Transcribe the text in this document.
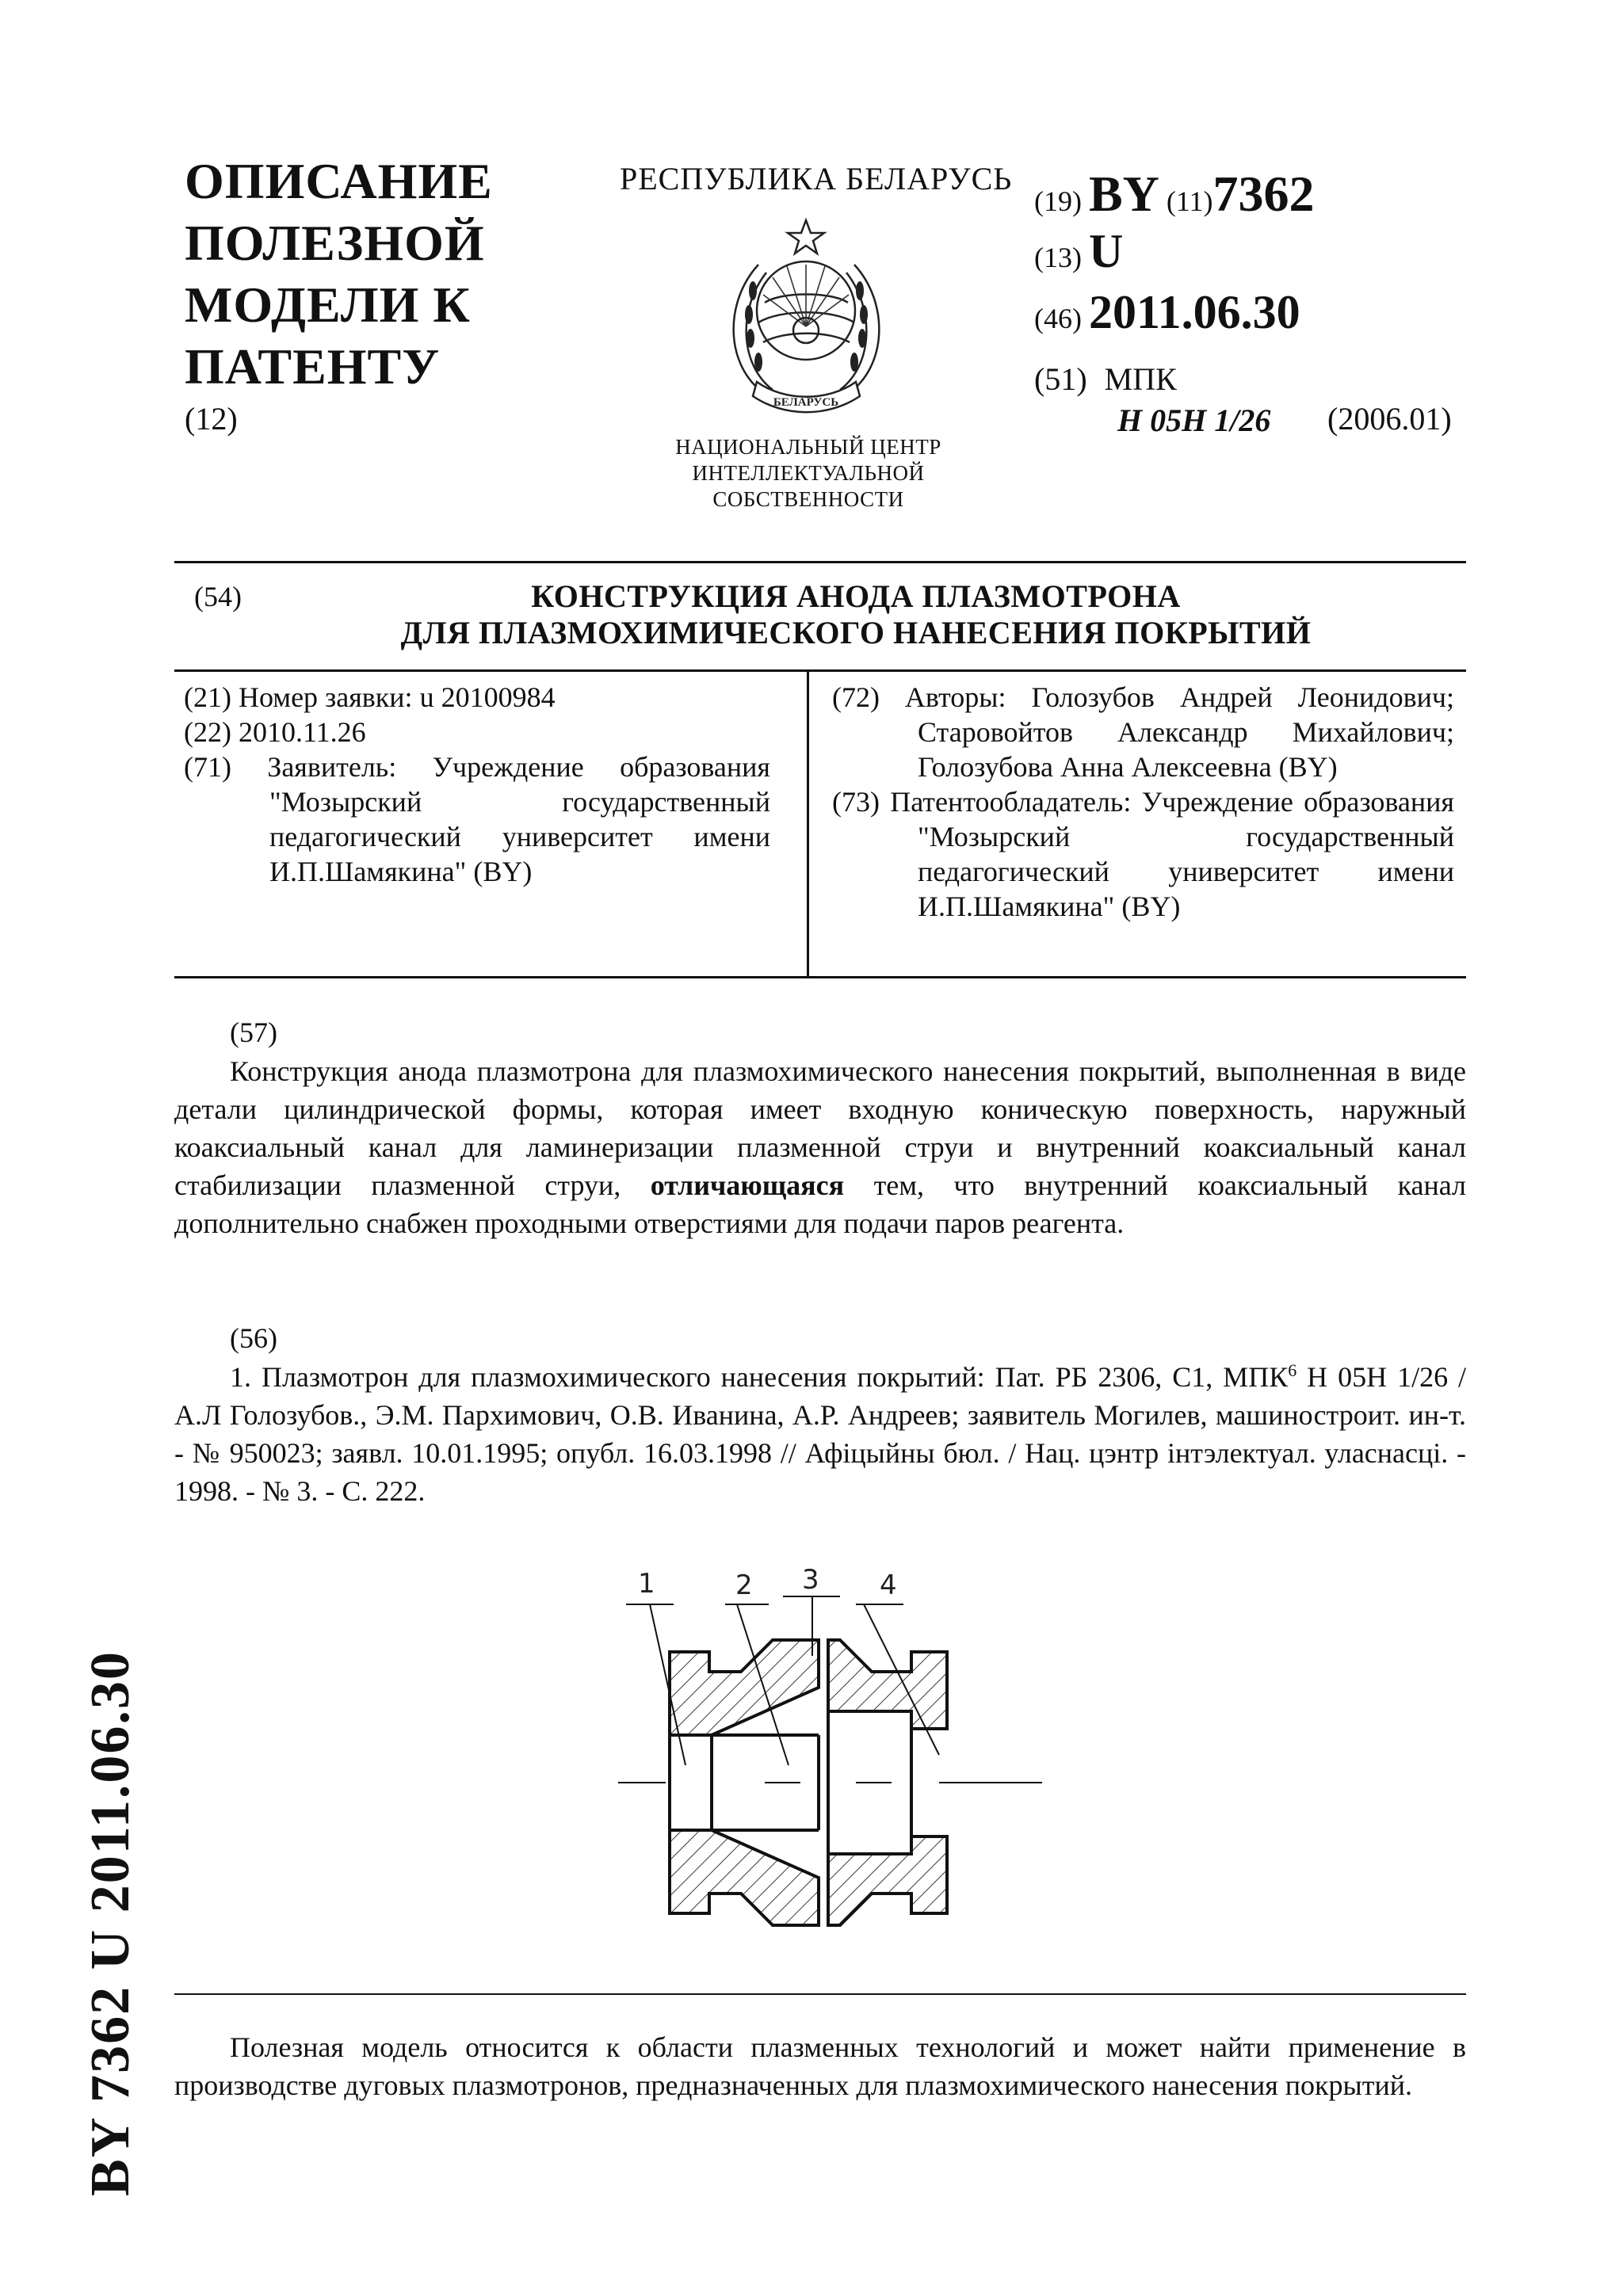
ОПИСАНИЕ
ПОЛЕЗНОЙ
МОДЕЛИ К
ПАТЕНТУ
(12)
РЕСПУБЛИКА БЕЛАРУСЬ
БЕЛАРУСЬ
НАЦИОНАЛЬНЫЙ ЦЕНТР
ИНТЕЛЛЕКТУАЛЬНОЙ
СОБСТВЕННОСТИ
(19) BY (11)7362
(13) U
(46) 2011.06.30
(51) МПК
H 05H 1/26 (2006.01)
(54)	КОНСТРУКЦИЯ АНОДА ПЛАЗМОТРОНА
ДЛЯ ПЛАЗМОХИМИЧЕСКОГО НАНЕСЕНИЯ ПОКРЫТИЙ

(21) Номер заявки: u 20100984

(22) 2010.11.26

(71) Заявитель: Учреждение образования "Мозырский государственный педагогический университет имени И.П.Шамякина" (BY)

(72) Авторы: Голозубов Андрей Леонидович; Старовойтов Александр Михайлович; Голозубова Анна Алексеевна (BY)

(73) Патентообладатель: Учреждение образования "Мозырский государственный педагогический университет имени И.П.Шамякина" (BY)

(57)

Конструкция анода плазмотрона для плазмохимического нанесения покрытий, выполненная в виде детали цилиндрической формы, которая имеет входную коническую поверхность, наружный коаксиальный канал для ламинеризации плазменной струи и внутренний коаксиальный канал стабилизации плазменной струи, отличающаяся тем, что внутренний коаксиальный канал дополнительно снабжен проходными отверстиями для подачи паров реагента.

(56)

1. Плазмотрон для плазмохимического нанесения покрытий: Пат. РБ 2306, С1, МПК$^6$ Н 05Н 1/26 /А.Л Голозубов., Э.М. Пархимович, О.В. Иванина, А.Р. Андреев; заявитель Могилев, машиностроит. ин-т. - № 950023; заявл. 10.01.1995; опубл. 16.03.1998 // Афіцыйны бюл. / Нац. цэнтр інтэлектуал. уласнасці. - 1998. - № 3. - С. 222.

1	2 3 4

Полезная модель относится к области плазменных технологий и может найти применение в производстве дуговых плазмотронов, предназначенных для плазмохимического нанесения покрытий.

BY 7362 U 2011.06.30
